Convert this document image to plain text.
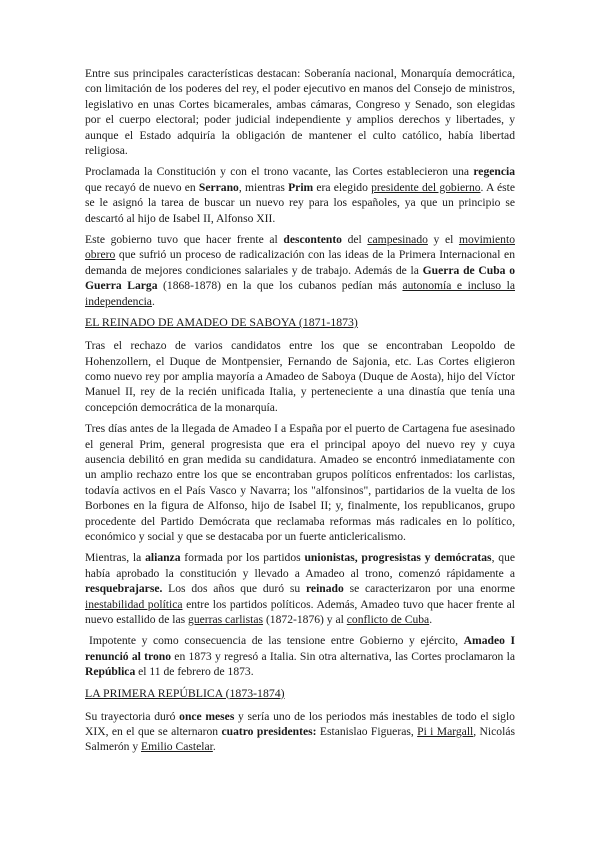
Entre sus principales características destacan: Soberanía nacional, Monarquía democrática, con limitación de los poderes del rey, el poder ejecutivo en manos del Consejo de ministros, legislativo en unas Cortes bicamerales, ambas cámaras, Congreso y Senado, son elegidas por el cuerpo electoral; poder judicial independiente y amplios derechos y libertades, y aunque el Estado adquiría la obligación de mantener el culto católico, había libertad religiosa.

Proclamada la Constitución y con el trono vacante, las Cortes establecieron una regencia que recayó de nuevo en Serrano, mientras Prim era elegido presidente del gobierno. A éste se le asignó la tarea de buscar un nuevo rey para los españoles, ya que un principio se descartó al hijo de Isabel II, Alfonso XII.

Este gobierno tuvo que hacer frente al descontento del campesinado y el movimiento obrero que sufrió un proceso de radicalización con las ideas de la Primera Internacional en demanda de mejores condiciones salariales y de trabajo. Además de la Guerra de Cuba o Guerra Larga (1868-1878) en la que los cubanos pedían más autonomía e incluso la independencia.

EL REINADO DE AMADEO DE SABOYA (1871-1873)

Tras el rechazo de varios candidatos entre los que se encontraban Leopoldo de Hohenzollern, el Duque de Montpensier, Fernando de Sajonia, etc. Las Cortes eligieron como nuevo rey por amplia mayoría a Amadeo de Saboya (Duque de Aosta), hijo del Víctor Manuel II, rey de la recién unificada Italia, y perteneciente a una dinastía que tenía una concepción democrática de la monarquía.

Tres días antes de la llegada de Amadeo I a España por el puerto de Cartagena fue asesinado el general Prim, general progresista que era el principal apoyo del nuevo rey y cuya ausencia debilitó en gran medida su candidatura. Amadeo se encontró inmediatamente con un amplio rechazo entre los que se encontraban grupos políticos enfrentados: los carlistas, todavía activos en el País Vasco y Navarra; los "alfonsinos", partidarios de la vuelta de los Borbones en la figura de Alfonso, hijo de Isabel II; y, finalmente, los republicanos, grupo procedente del Partido Demócrata que reclamaba reformas más radicales en lo político, económico y social y que se destacaba por un fuerte anticlericalismo.

Mientras, la alianza formada por los partidos unionistas, progresistas y demócratas, que había aprobado la constitución y llevado a Amadeo al trono, comenzó rápidamente a resquebrajarse. Los dos años que duró su reinado se caracterizaron por una enorme inestabilidad política entre los partidos políticos. Además, Amadeo tuvo que hacer frente al nuevo estallido de las guerras carlistas (1872-1876) y al conflicto de Cuba.

Impotente y como consecuencia de las tensione entre Gobierno y ejército, Amadeo I renunció al trono en 1873 y regresó a Italia. Sin otra alternativa, las Cortes proclamaron la República el 11 de febrero de 1873.

LA PRIMERA REPÚBLICA (1873-1874)

Su trayectoria duró once meses y sería uno de los periodos más inestables de todo el siglo XIX, en el que se alternaron cuatro presidentes: Estanislao Figueras, Pi i Margall, Nicolás Salmerón y Emilio Castelar.
